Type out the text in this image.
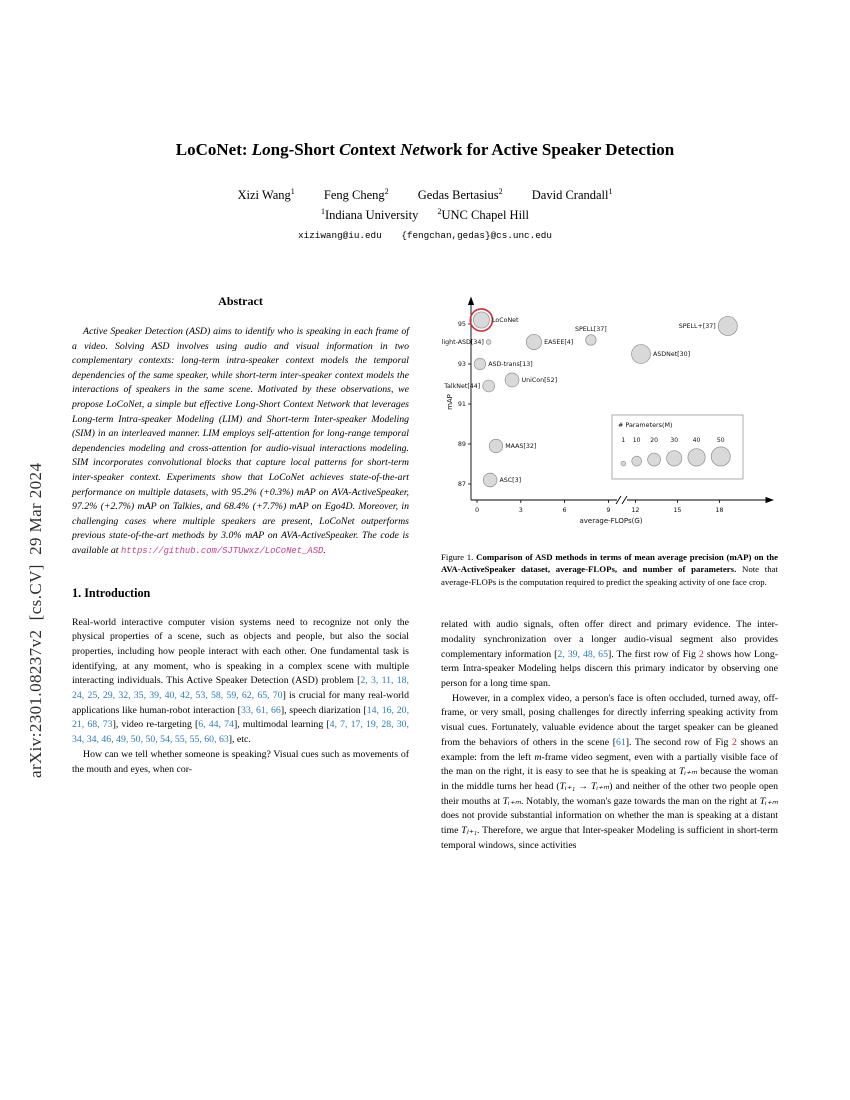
arXiv:2301.08237v2  [cs.CV]  29 Mar 2024
LoCoNet: Long-Short Context Network for Active Speaker Detection
Xizi Wang$^1$ Feng Cheng$^2$ Gedas Bertasius$^2$ David Crandall$^1$
$^1$Indiana University $^2$UNC Chapel Hill
xiziwang@iu.edu {fengchan,gedas}@cs.unc.edu
Abstract

Active Speaker Detection (ASD) aims to identify who is speaking in each frame of a video. Solving ASD involves using audio and visual information in two complementary contexts: long-term intra-speaker context models the temporal dependencies of the same speaker, while short-term inter-speaker context models the interactions of speakers in the same scene. Motivated by these observations, we propose LoCoNet, a simple but effective Long-Short Context Network that leverages Long-term Intra-speaker Modeling (LIM) and Short-term Inter-speaker Modeling (SIM) in an interleaved manner. LIM employs self-attention for long-range temporal dependencies modeling and cross-attention for audio-visual interactions modeling. SIM incorporates convolutional blocks that capture local patterns for short-term inter-speaker context. Experiments show that LoCoNet achieves state-of-the-art performance on multiple datasets, with 95.2% (+0.3%) mAP on AVA-ActiveSpeaker, 97.2% (+2.7%) mAP on Talkies, and 68.4% (+7.7%) mAP on Ego4D. Moreover, in challenging cases where multiple speakers are present, LoCoNet outperforms previous state-of-the-art methods by 3.0% mAP on AVA-ActiveSpeaker. The code is available at https://github.com/SJTUwxz/LoCoNet_ASD.

1. Introduction

Real-world interactive computer vision systems need to recognize not only the physical properties of a scene, such as objects and people, but also the social properties, including how people interact with each other. One fundamental task is identifying, at any moment, who is speaking in a complex scene with multiple interacting individuals. This Active Speaker Detection (ASD) problem [2, 3, 11, 18, 24, 25, 29, 32, 35, 39, 40, 42, 53, 58, 59, 62, 65, 70] is crucial for many real-world applications like human-robot interaction [33, 61, 66], speech diarization [14, 16, 20, 21, 68, 73], video re-targeting [6, 44, 74], multimodal learning [4, 7, 17, 19, 28, 30, 34, 34, 46, 49, 50, 50, 54, 55, 55, 60, 63], etc.

How can we tell whether someone is speaking? Visual cues such as movements of the mouth and eyes, when cor-

87
89
91
93
95
0	3	6	9	12	15	18
mAP
average-FLOPs(G)
LoCoNet
light-ASD[34]	EASEE[4]
SPELL[37]
ASDNet[30]
SPELL+[37]
ASD-trans[13]
UniCon[52]
TalkNet[44]
MAAS[32]
ASC[3]
# Parameters(M)
1 10 20 30 40	50
Figure 1. Comparison of ASD methods in terms of mean average precision (mAP) on the AVA-ActiveSpeaker dataset, average-FLOPs, and number of parameters. Note that average-FLOPs is the computation required to predict the speaking activity of one face crop.

related with audio signals, often offer direct and primary evidence. The inter-modality synchronization over a longer audio-visual segment also provides complementary information [2, 39, 48, 65]. The first row of Fig 2 shows how Long-term Intra-speaker Modeling helps discern this primary indicator by observing one person for a long time span.

However, in a complex video, a person's face is often occluded, turned away, off-frame, or very small, posing challenges for directly inferring speaking activity from visual cues. Fortunately, valuable evidence about the target speaker can be gleaned from the behaviors of others in the scene [61]. The second row of Fig 2 shows an example: from the left m-frame video segment, even with a partially visible face of the man on the right, it is easy to see that he is speaking at Tᵢ₊ₘ because the woman in the middle turns her head (Tᵢ₊₁ → Tᵢ₊ₘ) and neither of the other two people open their mouths at Tᵢ₊ₘ. Notably, the woman's gaze towards the man on the right at Tᵢ₊ₘ does not provide substantial information on whether the man is speaking at a distant time Tⱼ₊₁. Therefore, we argue that Inter-speaker Modeling is sufficient in short-term temporal windows, since activities
